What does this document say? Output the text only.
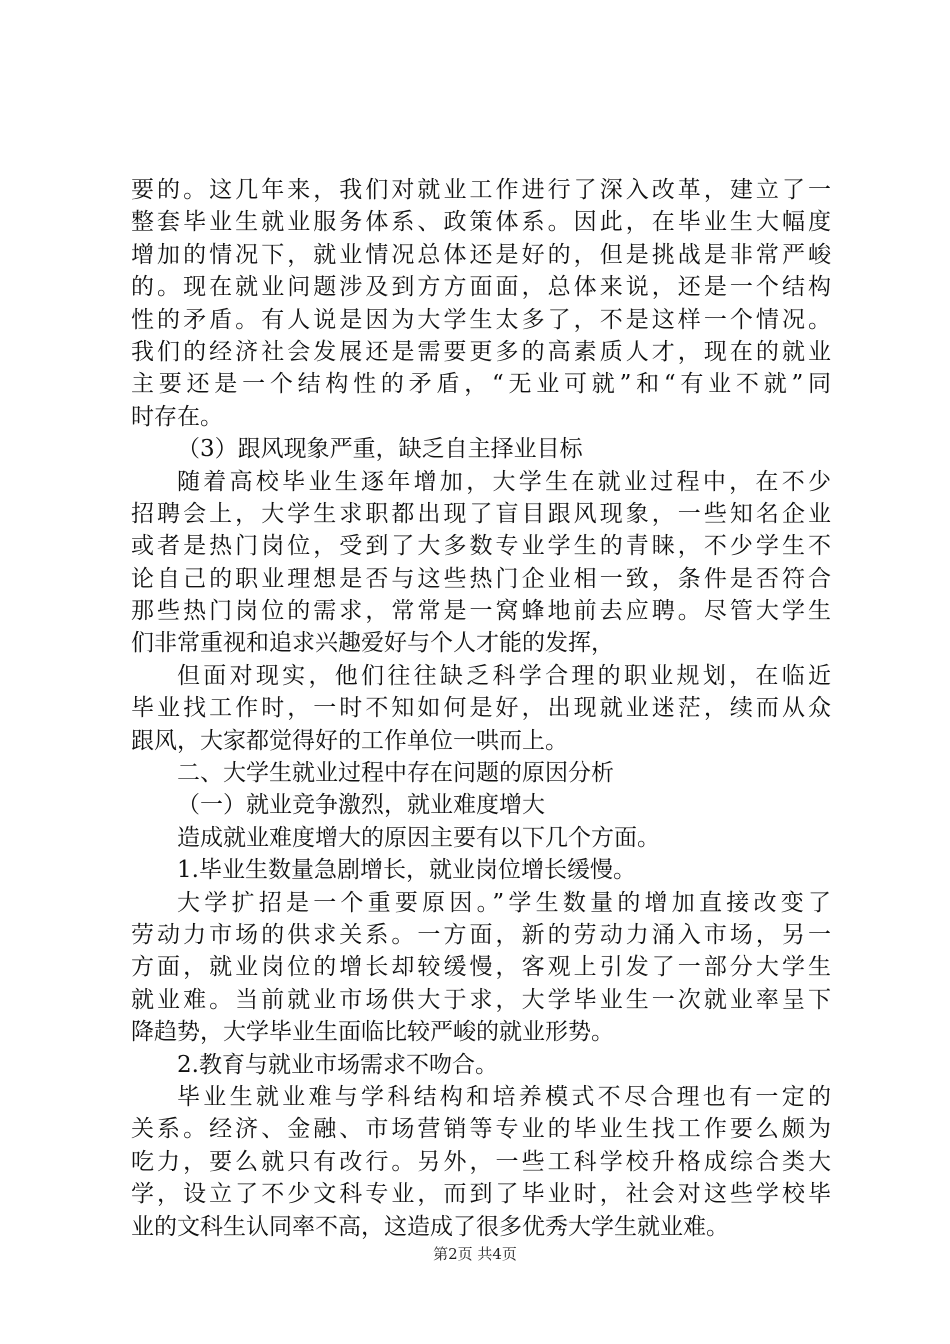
要的。这几年来，我们对就业工作进行了深入改革，建立了一
整套毕业生就业服务体系、政策体系。因此，在毕业生大幅度
增加的情况下，就业情况总体还是好的，但是挑战是非常严峻
的。现在就业问题涉及到方方面面，总体来说，还是一个结构
性的矛盾。有人说是因为大学生太多了，不是这样一个情况。
我们的经济社会发展还是需要更多的高素质人才，现在的就业
主要还是一个结构性的矛盾，“无业可就”和“有业不就”同
时存在。
（3）跟风现象严重，缺乏自主择业目标
随着高校毕业生逐年增加，大学生在就业过程中，在不少
招聘会上，大学生求职都出现了盲目跟风现象，一些知名企业
或者是热门岗位，受到了大多数专业学生的青睐，不少学生不
论自己的职业理想是否与这些热门企业相一致，条件是否符合
那些热门岗位的需求，常常是一窝蜂地前去应聘。尽管大学生
们非常重视和追求兴趣爱好与个人才能的发挥，
但面对现实，他们往往缺乏科学合理的职业规划，在临近
毕业找工作时，一时不知如何是好，出现就业迷茫，续而从众
跟风，大家都觉得好的工作单位一哄而上。
二、大学生就业过程中存在问题的原因分析
（一）就业竞争激烈，就业难度增大
造成就业难度增大的原因主要有以下几个方面。
1.毕业生数量急剧增长，就业岗位增长缓慢。
大学扩招是一个重要原因。”学生数量的增加直接改变了
劳动力市场的供求关系。一方面，新的劳动力涌入市场，另一
方面，就业岗位的增长却较缓慢，客观上引发了一部分大学生
就业难。当前就业市场供大于求，大学毕业生一次就业率呈下
降趋势，大学毕业生面临比较严峻的就业形势。
2.教育与就业市场需求不吻合。
毕业生就业难与学科结构和培养模式不尽合理也有一定的
关系。经济、金融、市场营销等专业的毕业生找工作要么颇为
吃力，要么就只有改行。另外，一些工科学校升格成综合类大
学，设立了不少文科专业，而到了毕业时，社会对这些学校毕
业的文科生认同率不高，这造成了很多优秀大学生就业难。
第2页 共4页
